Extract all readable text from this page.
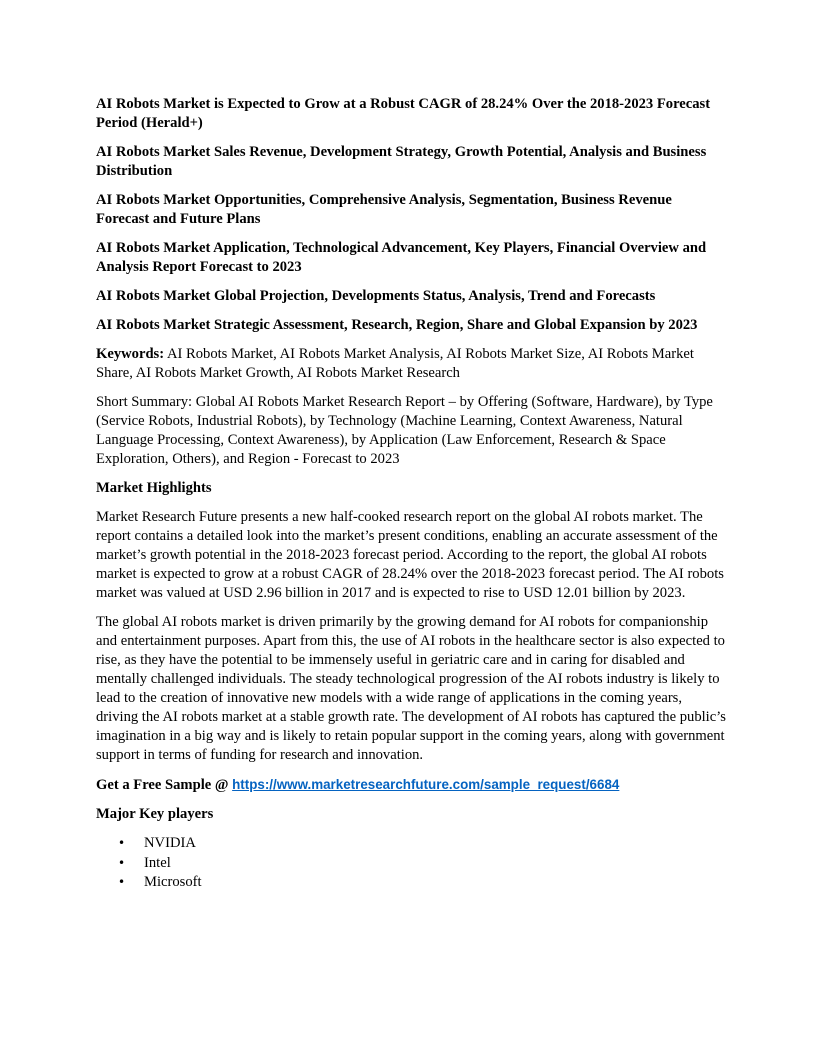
AI Robots Market is Expected to Grow at a Robust CAGR of 28.24% Over the 2018-2023 Forecast Period (Herald+)

AI Robots Market Sales Revenue, Development Strategy, Growth Potential, Analysis and Business Distribution

AI Robots Market Opportunities, Comprehensive Analysis, Segmentation, Business Revenue Forecast and Future Plans

AI Robots Market Application, Technological Advancement, Key Players, Financial Overview and Analysis Report Forecast to 2023

AI Robots Market Global Projection, Developments Status, Analysis, Trend and Forecasts

AI Robots Market Strategic Assessment, Research, Region, Share and Global Expansion by 2023

Keywords: AI Robots Market, AI Robots Market Analysis, AI Robots Market Size, AI Robots Market Share, AI Robots Market Growth, AI Robots Market Research

Short Summary: Global AI Robots Market Research Report – by Offering (Software, Hardware), by Type (Service Robots, Industrial Robots), by Technology (Machine Learning, Context Awareness, Natural Language Processing, Context Awareness), by Application (Law Enforcement, Research & Space Exploration, Others), and Region - Forecast to 2023

Market Highlights

Market Research Future presents a new half-cooked research report on the global AI robots market. The report contains a detailed look into the market’s present conditions, enabling an accurate assessment of the market’s growth potential in the 2018-2023 forecast period. According to the report, the global AI robots market is expected to grow at a robust CAGR of 28.24% over the 2018-2023 forecast period. The AI robots market was valued at USD 2.96 billion in 2017 and is expected to rise to USD 12.01 billion by 2023.

The global AI robots market is driven primarily by the growing demand for AI robots for companionship and entertainment purposes. Apart from this, the use of AI robots in the healthcare sector is also expected to rise, as they have the potential to be immensely useful in geriatric care and in caring for disabled and mentally challenged individuals. The steady technological progression of the AI robots industry is likely to lead to the creation of innovative new models with a wide range of applications in the coming years, driving the AI robots market at a stable growth rate. The development of AI robots has captured the public’s imagination in a big way and is likely to retain popular support in the coming years, along with government support in terms of funding for research and innovation.

Get a Free Sample @ https://www.marketresearchfuture.com/sample_request/6684

Major Key players

• NVIDIA
• Intel
• Microsoft
